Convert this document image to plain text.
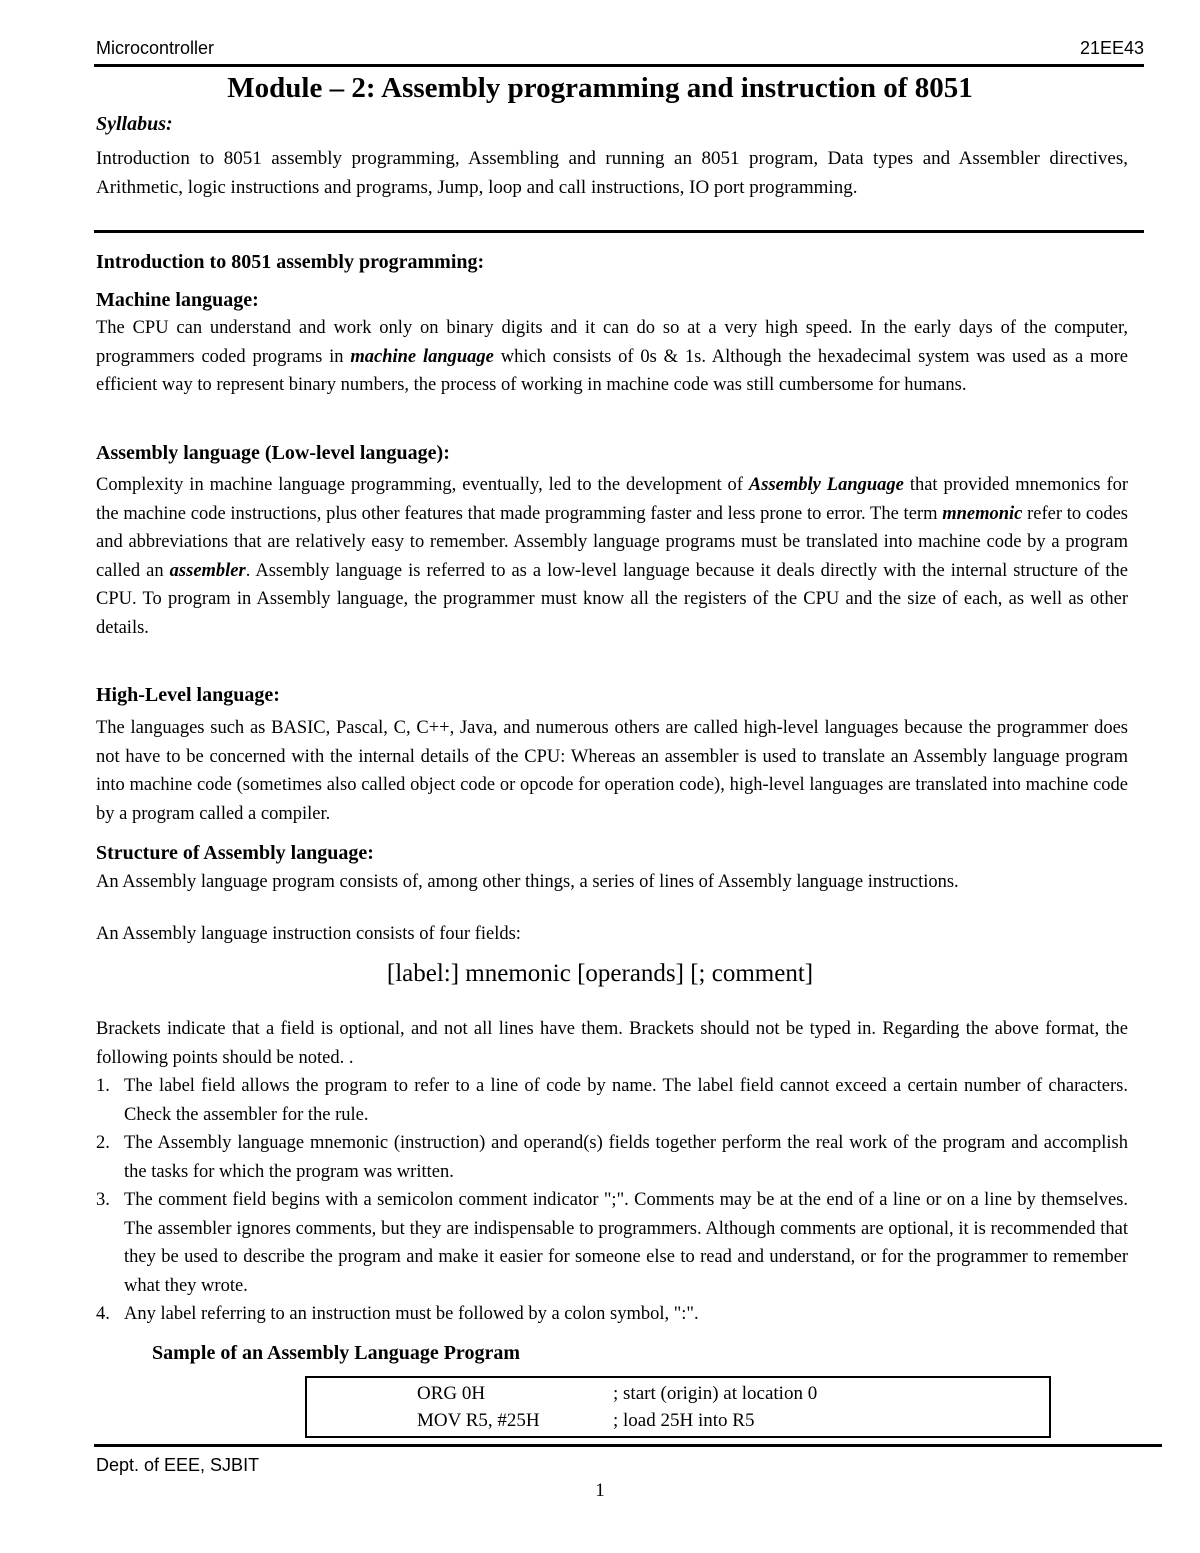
Microcontroller	21EE43
Module – 2: Assembly programming and instruction of 8051
Syllabus:
Introduction to 8051 assembly programming, Assembling and running an 8051 program, Data types and Assembler directives, Arithmetic, logic instructions and programs, Jump, loop and call instructions, IO port programming.
Introduction to 8051 assembly programming:
Machine language:
The CPU can understand and work only on binary digits and it can do so at a very high speed. In the early days of the computer, programmers coded programs in machine language which consists of 0s & 1s. Although the hexadecimal system was used as a more efficient way to represent binary numbers, the process of working in machine code was still cumbersome for humans.
Assembly language (Low-level language):
Complexity in machine language programming, eventually, led to the development of Assembly Language that provided mnemonics for the machine code instructions, plus other features that made programming faster and less prone to error. The term mnemonic refer to codes and abbreviations that are relatively easy to remember. Assembly language programs must be translated into machine code by a program called an assembler. Assembly language is referred to as a low-level language because it deals directly with the internal structure of the CPU. To program in Assembly language, the programmer must know all the registers of the CPU and the size of each, as well as other details.
High-Level language:
The languages such as BASIC, Pascal, C, C++, Java, and numerous others are called high-level languages because the programmer does not have to be concerned with the internal details of the CPU: Whereas an assembler is used to translate an Assembly language program into machine code (sometimes also called object code or opcode for operation code), high-level languages are translated into machine code by a program called a compiler.
Structure of Assembly language:
An Assembly language program consists of, among other things, a series of lines of Assembly language instructions.
An Assembly language instruction consists of four fields:
[label:] mnemonic [operands] [; comment]
Brackets indicate that a field is optional, and not all lines have them. Brackets should not be typed in. Regarding the above format, the following points should be noted. .
1. The label field allows the program to refer to a line of code by name. The label field cannot exceed a certain number of characters. Check the assembler for the rule.
2. The Assembly language mnemonic (instruction) and operand(s) fields together perform the real work of the program and accomplish the tasks for which the program was written.
3. The comment field begins with a semicolon comment indicator ";". Comments may be at the end of a line or on a line by themselves. The assembler ignores comments, but they are indispensable to programmers. Although comments are optional, it is recommended that they be used to describe the program and make it easier for someone else to read and understand, or for the programmer to remember what they wrote.
4. Any label referring to an instruction must be followed by a colon symbol, ":".
Sample of an Assembly Language Program
ORG 0H	; start (origin) at location 0
MOV R5, #25H	; load 25H into R5
Dept. of EEE, SJBIT
1
